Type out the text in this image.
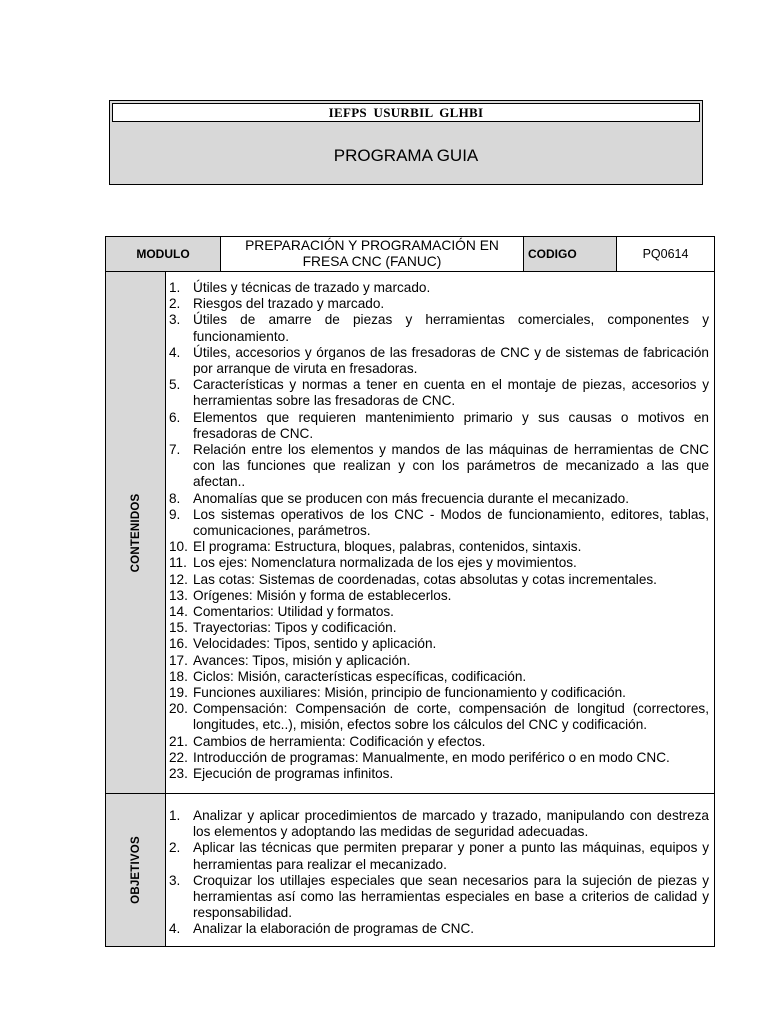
IEFPS USURBIL GLHBI
PROGRAMA GUIA
MODULO
PREPARACIÓN Y PROGRAMACIÓN EN
FRESA CNC (FANUC)	CODIGO	PQ0614
CONTENIDOS
1. Útiles y técnicas de trazado y marcado.
2. Riesgos del trazado y marcado.
3. Útiles de amarre de piezas y herramientas comerciales, componentes y funcionamiento.
4. Útiles, accesorios y órganos de las fresadoras de CNC y de sistemas de fabricación por arranque de viruta en fresadoras.
5. Características y normas a tener en cuenta en el montaje de piezas, accesorios y herramientas sobre las fresadoras de CNC.
6. Elementos que requieren mantenimiento primario y sus causas o motivos en fresadoras de CNC.
7. Relación entre los elementos y mandos de las máquinas de herramientas de CNC con las funciones que realizan y con los parámetros de mecanizado a las que afectan..
8. Anomalías que se producen con más frecuencia durante el mecanizado.
9. Los sistemas operativos de los CNC - Modos de funcionamiento, editores, tablas, comunicaciones, parámetros.
10. El programa: Estructura, bloques, palabras, contenidos, sintaxis.
11. Los ejes: Nomenclatura normalizada de los ejes y movimientos.
12. Las cotas: Sistemas de coordenadas, cotas absolutas y cotas incrementales.
13. Orígenes: Misión y forma de establecerlos.
14. Comentarios: Utilidad y formatos.
15. Trayectorias: Tipos y codificación.
16. Velocidades: Tipos, sentido y aplicación.
17. Avances: Tipos, misión y aplicación.
18. Ciclos: Misión, características específicas, codificación.
19. Funciones auxiliares: Misión, principio de funcionamiento y codificación.
20. Compensación: Compensación de corte, compensación de longitud (correctores, longitudes, etc..), misión, efectos sobre los cálculos del CNC y codificación.
21. Cambios de herramienta: Codificación y efectos.
22. Introducción de programas: Manualmente, en modo periférico o en modo CNC.
23. Ejecución de programas infinitos.
OBJETIVOS
1. Analizar y aplicar procedimientos de marcado y trazado, manipulando con destreza los elementos y adoptando las medidas de seguridad adecuadas.
2. Aplicar las técnicas que permiten preparar y poner a punto las máquinas, equipos y herramientas para realizar el mecanizado.
3. Croquizar los utillajes especiales que sean necesarios para la sujeción de piezas y herramientas así como las herramientas especiales en base a criterios de calidad y responsabilidad.
4. Analizar la elaboración de programas de CNC.
